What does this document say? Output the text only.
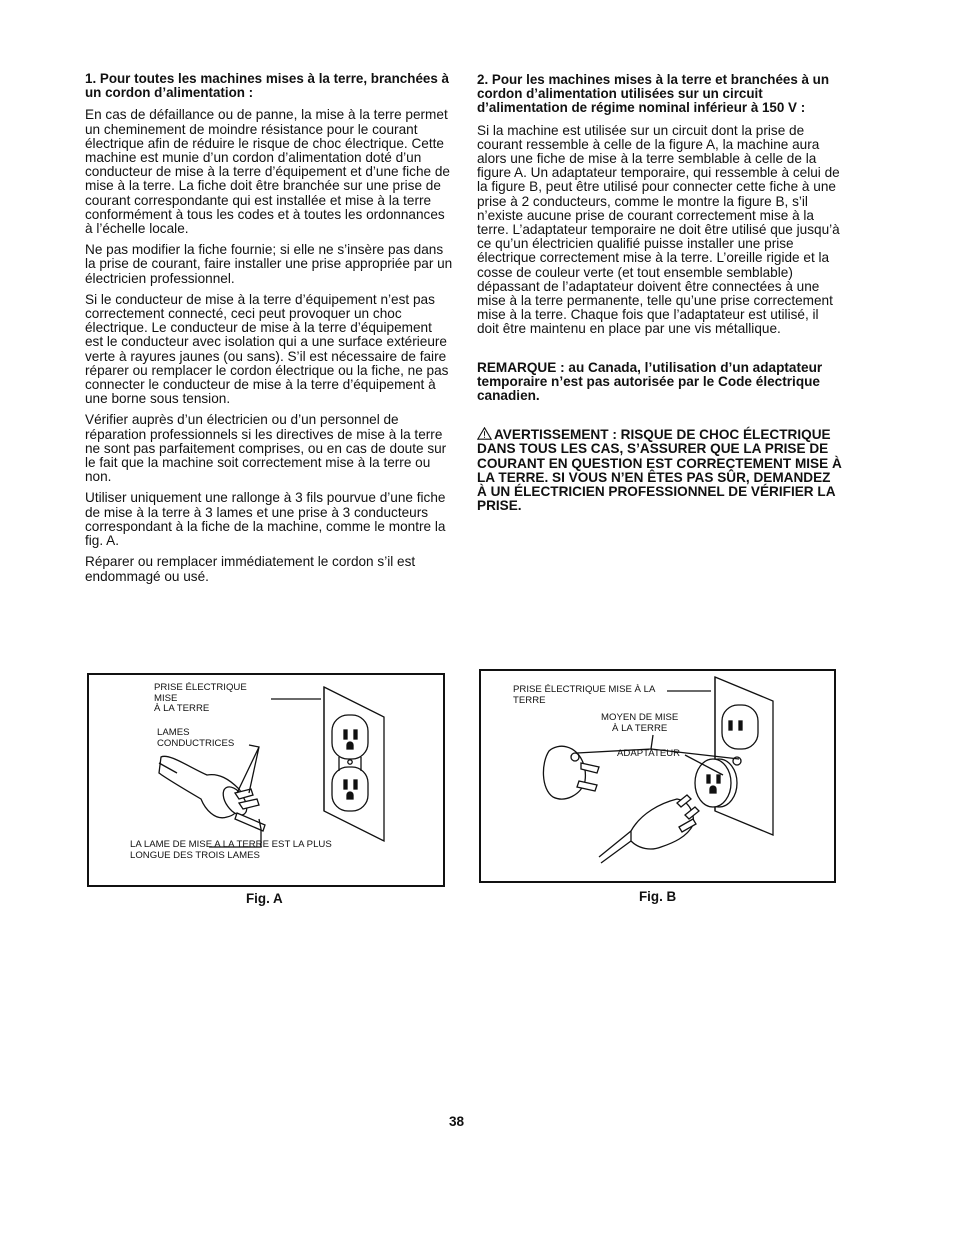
1. Pour toutes les machines mises à la terre, branchées à un cordon d’alimentation :

En cas de défaillance ou de panne, la mise à la terre permet un cheminement de moindre résistance pour le courant électrique afin de réduire le risque de choc électrique. Cette machine est munie d’un cordon d’alimentation doté d’un conducteur de mise à la terre d’équipement et d’une fiche de mise à la terre. La fiche doit être branchée sur une prise de courant correspondante qui est installée et mise à la terre conformément à tous les codes et à toutes les ordonnances à l’échelle locale.

Ne pas modifier la fiche fournie; si elle ne s’insère pas dans la prise de courant, faire installer une prise appropriée par un électricien professionnel.

Si le conducteur de mise à la terre d’équipement n’est pas correctement connecté, ceci peut provoquer un choc électrique. Le conducteur de mise à la terre d’équipement est le conducteur avec isolation qui a une surface extérieure verte à rayures jaunes (ou sans). S’il est nécessaire de faire réparer ou remplacer le cordon électrique ou la fiche, ne pas connecter le conducteur de mise à la terre d’équipement à une borne sous tension.

Vérifier auprès d’un électricien ou d’un personnel de réparation professionnels si les directives de mise à la terre ne sont pas parfaitement comprises, ou en cas de doute sur le fait que la machine soit correctement mise à la terre ou non.

Utiliser uniquement une rallonge à 3 fils pourvue d’une fiche de mise à la terre à 3 lames et une prise à 3 conducteurs correspondant à la fiche de la machine, comme le montre la fig. A.

Réparer ou remplacer immédiatement le cordon s’il est endommagé ou usé.

2. Pour les machines mises à la terre et branchées à un cordon d’alimentation utilisées sur un circuit d’alimentation de régime nominal inférieur à 150 V :

Si la machine est utilisée sur un circuit dont la prise de courant ressemble à celle de la figure A, la machine aura alors une fiche de mise à la terre semblable à celle de la figure A. Un adaptateur temporaire, qui ressemble à celui de la figure B, peut être utilisé pour connecter cette fiche à une prise à 2 conducteurs, comme le montre la figure B, s’il n’existe aucune prise de courant correctement mise à la terre. L’adaptateur temporaire ne doit être utilisé que jusqu’à ce qu’un électricien qualifié puisse installer une prise électrique correctement mise à la terre. L’oreille rigide et la cosse de couleur verte (et tout ensemble semblable) dépassant de l’adaptateur doivent être connectées à une mise à la terre permanente, telle qu’une prise correctement mise à la terre. Chaque fois que l’adaptateur est utilisé, il doit être maintenu en place par une vis métallique.

REMARQUE : au Canada, l’utilisation d’un adaptateur temporaire n’est pas autorisée par le Code électrique canadien.

AVERTISSEMENT : RISQUE DE CHOC ÉLECTRIQUE DANS TOUS LES CAS, S’ASSURER QUE LA PRISE DE COURANT EN QUESTION EST CORRECTEMENT MISE À LA TERRE. SI VOUS N’EN ÊTES PAS SÛR, DEMANDEZ À UN ÉLECTRICIEN PROFESSIONNEL DE VÉRIFIER LA PRISE.

PRISE ÉLECTRIQUE
MISE
À LA TERRE
LAMES
CONDUCTRICES
LA LAME DE MISE A LA TERRE EST LA PLUS
LONGUE DES TROIS LAMES
Fig. A
PRISE ÉLECTRIQUE MISE À LA
TERRE
MOYEN DE MISE
À LA TERRE
ADAPTATEUR
Fig. B
38
